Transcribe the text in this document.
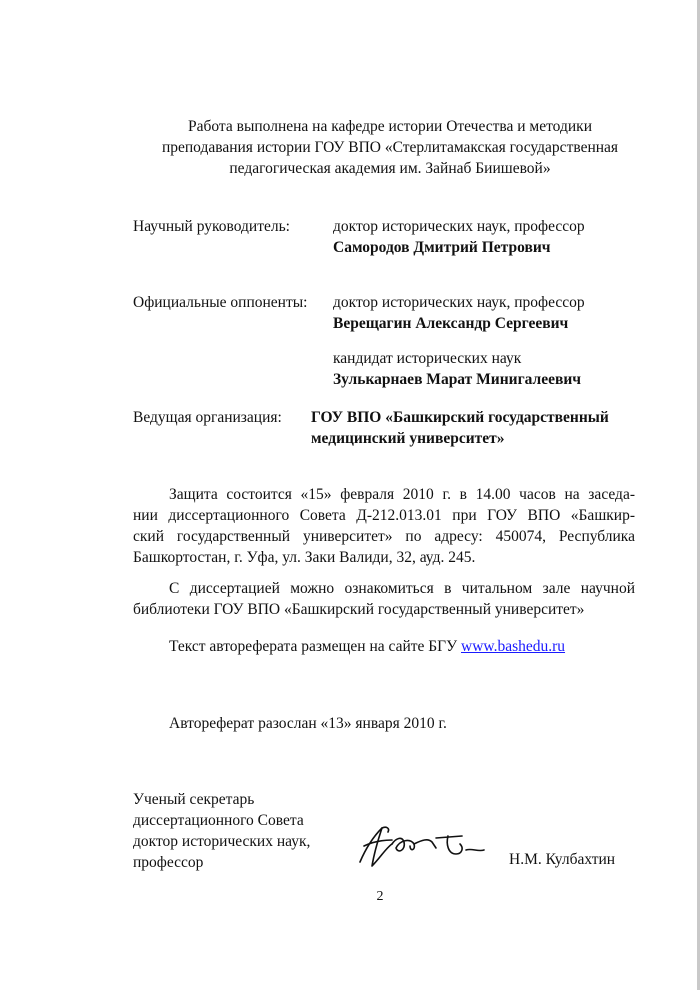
Работа выполнена на кафедре истории Отечества и методики
преподавания истории ГОУ ВПО «Стерлитамакская государственная
педагогическая академия им. Зайнаб Биишевой»
Научный руководитель:	доктор исторических наук, профессор
Самородов Дмитрий Петрович
Официальные оппоненты: доктор исторических наук, профессор
Верещагин Александр Сергеевич
кандидат исторических наук
Зулькарнаев Марат Минигалеевич
Ведущая организация: ГОУ ВПО «Башкирский государственный
медицинский университет»
Защита состоится «15» февраля 2010 г. в 14.00 часов на заседа-
нии диссертационного Совета Д-212.013.01 при ГОУ ВПО «Башкир-
ский государственный университет» по адресу: 450074, Республика
Башкортостан, г. Уфа, ул. Заки Валиди, 32, ауд. 245.
С диссертацией можно ознакомиться в читальном зале научной
библиотеки ГОУ ВПО «Башкирский государственный университет»
Текст автореферата размещен на сайте БГУ www.bashedu.ru
Автореферат разослан «13» января 2010 г.
Ученый секретарь
диссертационного Совета
доктор исторических наук,
профессор	Н.М. Кулбахтин
2
